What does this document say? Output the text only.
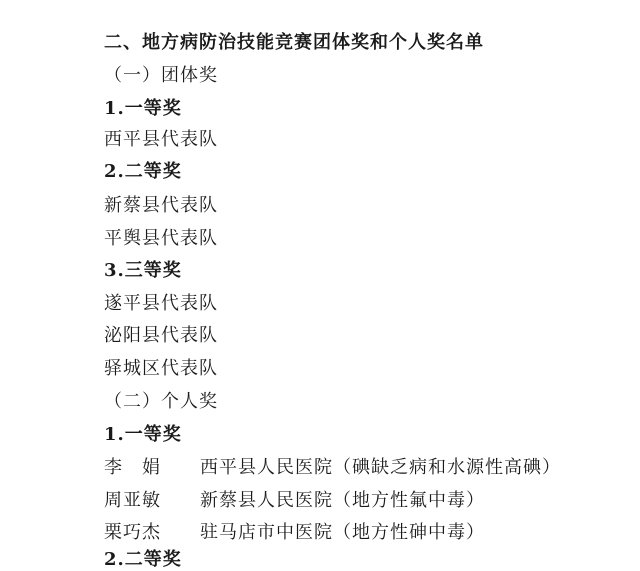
二、地方病防治技能竞赛团体奖和个人奖名单
（一）团体奖
1.一等奖
西平县代表队
2.二等奖
新蔡县代表队
平舆县代表队
3.三等奖
遂平县代表队
泌阳县代表队
驿城区代表队
（二）个人奖
1.一等奖
李　娟 西平县人民医院（碘缺乏病和水源性高碘）
周亚敏 新蔡县人民医院（地方性氟中毒）
栗巧杰 驻马店市中医院（地方性砷中毒）
2.二等奖
